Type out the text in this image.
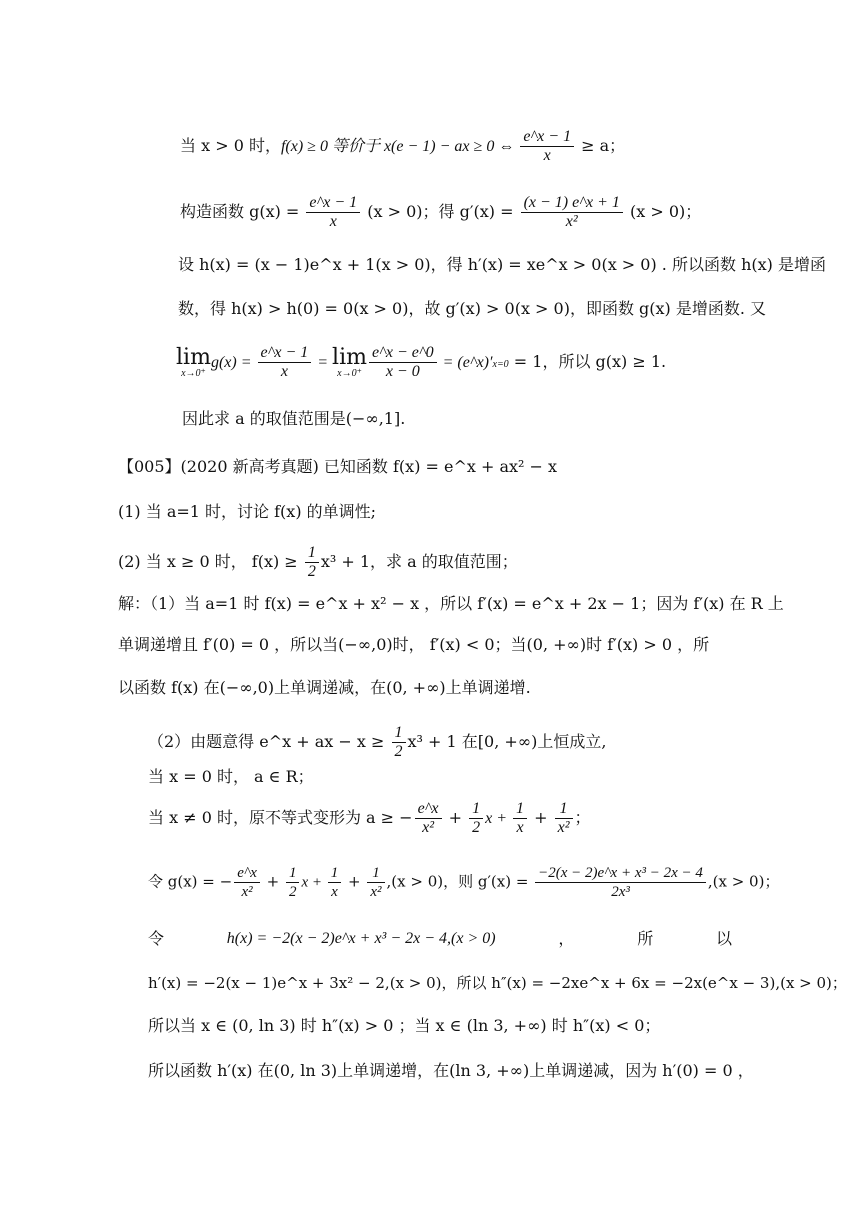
当 x > 0 时，f(x) ≥ 0 等价于 x(e − 1) − ax ≥ 0 ⇔ $\frac{e\^{}x - 1}{x} \ge a$；
构造函数 $g(x) = \frac{e\^{}x - 1}{x} (x > 0)$；得 $g'(x) = \frac{(x - 1) e\^{}x + 1}{\text{x²}} (x > 0)$；
设 h(x) = (x − 1)e^x + 1(x > 0)，得 h′(x) = xe^x > 0(x > 0) . 所以函数 h(x) 是增函
数，得 h(x) > h(0) = 0(x > 0)，故 g′(x) > 0(x > 0)，即函数 g(x) 是增函数. 又
lim
x→0⁺
$g(x) = \frac{e\^{}x - 1}{x} = \lim$
$x\to 0^+ \frac{e\^{}x - e\^{}0}{x - 0}$ = (e^x)′x=0 = 1，所以 g(x) ≥ 1.
因此求 a 的取值范围是(−∞,1].
【005】(2020 新高考真题) 已知函数 f(x) = e^x + ax² − x
(1) 当 a=1 时，讨论 f(x) 的单调性;
(2) 当 x ≥ 0 时， $f(x) \ge \frac{1}{2} x^3 + 1$，求 a 的取值范围；
解：（1）当 a=1 时 f(x) = e^x + x² − x ，所以 f′(x) = e^x + 2x − 1；因为 f′(x) 在 R 上
单调递增且 f′(0) = 0 ，所以当(−∞,0)时， f′(x) < 0；当(0, +∞)时 f′(x) > 0 ，所
以函数 f(x) 在(−∞,0)上单调递减，在(0, +∞)上单调递增.
（2）由题意得 e^x + ax − $x \ge \frac{1}{2} x^3 + 1$ 在[0, +∞)上恒成立,
当 x = 0 时， a ∈ R；
当 x ≠ 0 时，原不等式变形为 a ≥ − $\frac{e\^{}x}{\text{x²}} + \frac{1}{2}$ $x + \frac{1}{x} + \frac{1}{\text{x²}}$ ；
令 g(x) = − $\frac{e\^{}x}{\text{x²}} + \frac{1}{2}$ $x + \frac{1}{x} + \frac{1}{\text{x²}} ,(x > 0)$，则 $g'(x) = \frac{\text{−2(x − 2)e\textasciicircum{}x + x³ − 2x − 4}}{\text{2x³}} ,(x > 0)$；
令	h(x) = −2(x − 2)e^x + x³ − 2x − 4,(x > 0)	，	所	以
h′(x) = −2(x − 1)e^x + 3x² − 2,(x > 0)，所以 h″(x) = −2xe^x + 6x = −2x(e^x − 3),(x > 0)；
所以当 x ∈ (0, ln 3) 时 h″(x) > 0 ；当 x ∈ (ln 3, +∞) 时 h″(x) < 0；
所以函数 h′(x) 在(0, ln 3)上单调递增，在(ln 3, +∞)上单调递减，因为 h′(0) = 0 ，
